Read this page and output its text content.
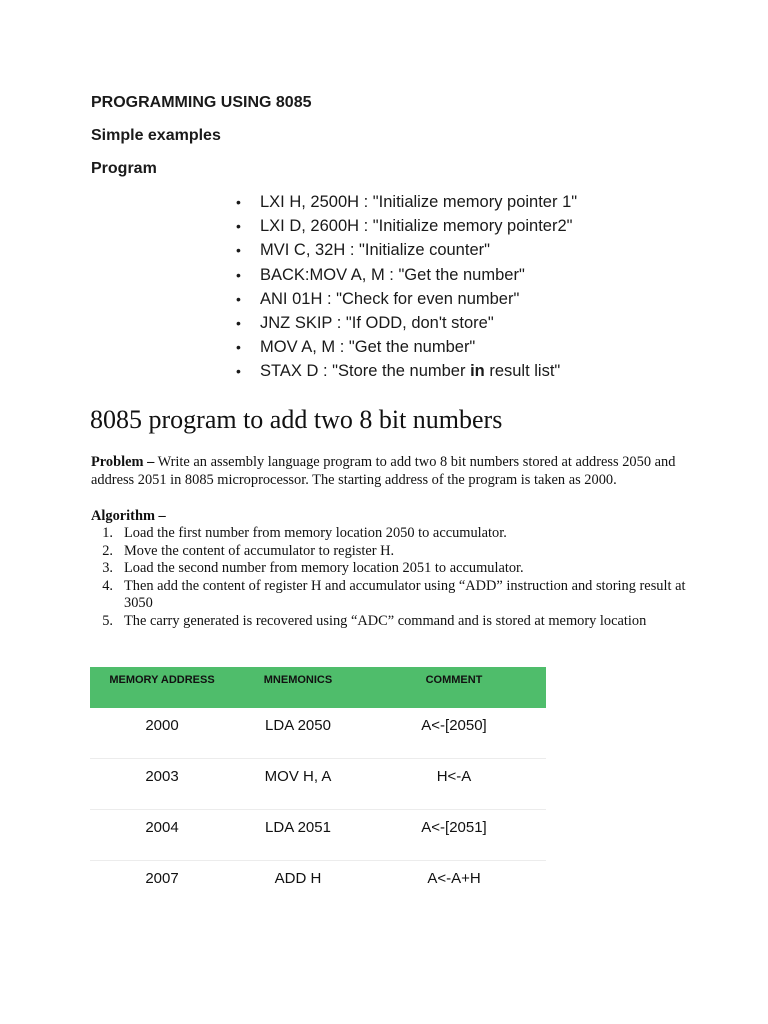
PROGRAMMING USING 8085
Simple examples
Program
•	LXI H, 2500H : "Initialize memory pointer 1"
•	LXI D, 2600H : "Initialize memory pointer2"
•	MVI C, 32H : "Initialize counter"
•	BACK:MOV A, M : "Get the number"
•	ANI 01H : "Check for even number"
•	JNZ SKIP : "If ODD, don't store"
•	MOV A, M : "Get the number"
•	STAX D : "Store the number in result list"
8085 program to add two 8 bit numbers

Problem – Write an assembly language program to add two 8 bit numbers stored at address 2050 and address 2051 in 8085 microprocessor. The starting address of the program is taken as 2000.

Algorithm –

1. Load the first number from memory location 2050 to accumulator.
2. Move the content of accumulator to register H.
3. Load the second number from memory location 2051 to accumulator.
4. Then add the content of register H and accumulator using “ADD” instruction and storing result at 3050
5. The carry generated is recovered using “ADC” command and is stored at memory location
MEMORY ADDRESS	MNEMONICS	COMMENT
2000	LDA 2050	A<-[2050]
2003	MOV H, A	H<-A
2004	LDA 2051	A<-[2051]
2007	ADD H	A<-A+H
